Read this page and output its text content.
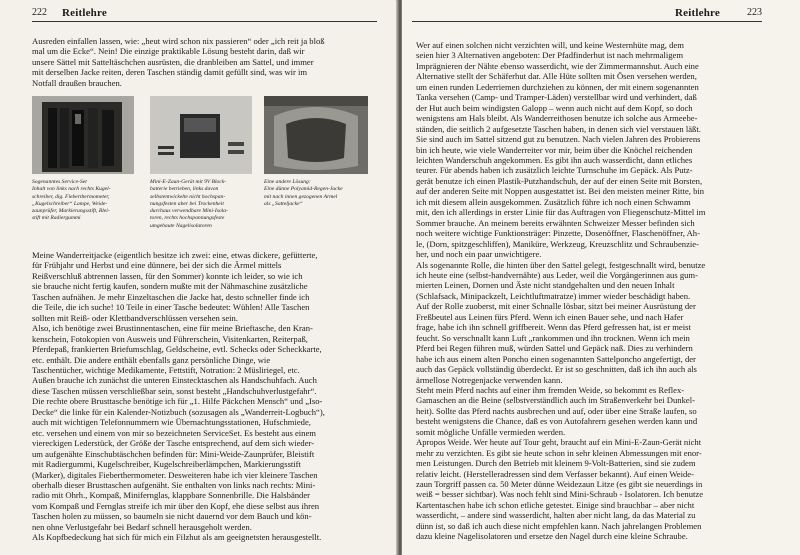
222 Reitlehre
Ausreden einfallen lassen, wie: „heut wird schon nix passieren“ oder „ich reit ja bloß
mal um die Ecke“. Nein! Die einzige praktikable Lösung besteht darin, daß wir
unsere Sättel mit Satteltäschchen ausrüsten, die dranbleiben am Sattel, und immer
mit derselben Jacke reiten, deren Taschen ständig damit gefüllt sind, was wir im
Notfall draußen brauchen.
Sogenanntes Service-Set
Inhalt von links nach rechts Kugel-
schreiber, dig. Fieberthermometer,
„Kugelschreiber“ Lampe, Weide-
zaunprüfer, Markierungsstift, Blei-
stift mit Radiergummi
Mini-E-Zaun-Gerät mit 9V Block-
batterie betrieben, links davon
selbstentwickelte nicht hochspan-
nungsfesten aber bei Trockenheit
durchaus verwendbare Mini-Isola-
toren, rechts hochspannungsfeste
umgebaute Nagelisolatoren
Eine andere Lösung:
Eine dünne Polyamid-Regen-Jacke
mit nach innen gezogenen Ärmel
als „Satteljacke“
Meine Wanderreitjacke (eigentlich besitze ich zwei: eine, etwas dickere, gefütterte,
für Frühjahr und Herbst und eine dünnere, bei der sich die Ärmel mittels
Reißverschluß abtrennen lassen, für den Sommer) konnte ich leider, so wie ich
sie brauche nicht fertig kaufen, sondern mußte mit der Nähmaschine zusätzliche
Taschen aufnähen. Je mehr Einzeltaschen die Jacke hat, desto schneller finde ich
die Teile, die ich suche! 10 Teile in einer Tasche bedeutet: Wühlen! Alle Taschen
sollten mit Reiß- oder Klettbandverschlüssen versehen sein.
Also, ich benötige zwei Brustinnentaschen, eine für meine Brieftasche, den Kran-
kenschein, Fotokopien von Ausweis und Führerschein, Visitenkarten, Reiterpaß,
Pferdepaß, frankierten Briefumschlag, Geldscheine, evtl. Schecks oder Scheckkarte,
etc. enthält. Die andere enthält ebenfalls ganz persönliche Dinge, wie
Taschentücher, wichtige Medikamente, Fettstift, Notration: 2 Müsliriegel, etc.
Außen brauche ich zunächst die unteren Einstecktaschen als Handschuhfach. Auch
diese Taschen müssen verschließbar sein, sonst besteht „Handschuhverlustgefahr“.
Die rechte obere Brusttasche benötige ich für „1. Hilfe Päckchen Mensch“ und „Iso-
Decke“ die linke für ein Kalender-Notizbuch (sozusagen als „Wanderreit-Logbuch“),
auch mit wichtigen Telefonnummern wie Übernachtungsstationen, Hufschmiede,
etc. versehen und einem von mir so bezeichneten ServiceSet. Es besteht aus einem
viereckigen Lederstück, der Größe der Tasche entsprechend, auf dem sich wieder-
um aufgenähte Einschubtäschchen befinden für: Mini-Weide-Zaunprüfer, Bleistift
mit Radiergummi, Kugelschreiber, Kugelschreiberlämpchen, Markierungsstift
(Marker), digitales Fieberthermometer. Desweiteren habe ich vier kleinere Taschen
oberhalb dieser Brusttaschen aufgenäht. Sie enthalten von links nach rechts: Mini-
radio mit Ohrh., Kompaß, Minifernglas, klappbare Sonnenbrille. Die Halsbänder
vom Kompaß und Fernglas streife ich mir über den Kopf, ehe diese selbst aus ihren
Taschen holen zu müssen, so baumeln sie nicht dauernd vor dem Bauch und kön-
nen ohne Verlustgefahr bei Bedarf schnell herausgeholt werden.
Als Kopfbedeckung hat sich für mich ein Filzhut als am geeignetsten herausgestellt.
Reitlehre	223
Wer auf einen solchen nicht verzichten will, und keine Westernhüte mag, dem
seien hier 3 Alternativen angeboten: Der Pfadfinderhut ist nach mehrmaligem
Imprägnieren der Nähte ebenso wasserdicht, wie der Zimmermannshut. Auch eine
Alternative stellt der Schäferhut dar. Alle Hüte sollten mit Ösen versehen werden,
um einen runden Lederriemen durchziehen zu können, der mit einem sogenannten
Tanka versehen (Camp- und Tramper-Läden) verstellbar wird und verhindert, daß
der Hut auch beim windigsten Galopp – wenn auch nicht auf dem Kopf, so doch
wenigstens am Hals bleibt. Als Wanderreithosen benutze ich solche aus Armeebe-
ständen, die seitlich 2 aufgesetzte Taschen haben, in denen sich viel verstauen läßt.
Sie sind auch im Sattel sitzend gut zu benutzen. Nach vielen Jahren des Probierens
bin ich heute, wie viele Wanderreiter vor mir, beim über die Knöchel reichenden
leichten Wanderschuh angekommen. Es gibt ihn auch wasserdicht, dann etliches
teurer. Für abends haben ich zusätzlich leichte Turnschuhe im Gepäck. Als Putz-
gerät benutze ich einen Plastik-Putzhandschuh, der auf der einen Seite mit Borsten,
auf der anderen Seite mit Noppen ausgestattet ist. Bei den meisten meiner Ritte, bin
ich mit diesem allein ausgekommen. Zusätzlich führe ich noch einen Schwamm
mit, den ich allerdings in erster Linie für das Auftragen von Fliegenschutz-Mittel im
Sommer brauche. An meinem bereits erwähnten Schweizer Messer befinden sich
noch weitere wichtige Funktionsträger: Pinzette, Dosenöffner, Flaschenöffner, Ah-
le, (Dorn, spitzgeschliffen), Maniküre, Werkzeug, Kreuzschlitz und Schraubenzie-
her, und noch ein paar unwichtigere.
Als sogenannte Rolle, die hinten über den Sattel gelegt, festgeschnallt wird, benutze
ich heute eine (selbst-handvernähte) aus Leder, weil die Vorgängerinnen aus gum-
mierten Leinen, Dornen und Äste nicht standgehalten und den neuen Inhalt
(Schlafsack, Minipackzelt, Leichtluftmatratze) immer wieder beschädigt haben.
Auf der Rolle zuoberst, mit einer Schnalle lösbar, sitzt bei meiner Ausrüstung der
Freßbeutel aus Leinen fürs Pferd. Wenn ich einen Bauer sehe, und nach Hafer
frage, habe ich ihn schnell griffbereit. Wenn das Pferd gefressen hat, ist er meist
feucht. So verschnallt kann Luft „rankommen und ihn trocknen. Wenn ich mein
Pferd bei Regen führen muß, würden Sattel und Gepäck naß. Dies zu verhindern
habe ich aus einem alten Poncho einen sogenannten Sattelponcho angefertigt, der
auch das Gepäck vollständig überdeckt. Er ist so geschnitten, daß ich ihn auch als
ärmellose Notregenjacke verwenden kann.
Steht mein Pferd nachts auf einer ihm fremden Weide, so bekommt es Reflex-
Gamaschen an die Beine (selbstverständlich auch im Straßenverkehr bei Dunkel-
heit). Sollte das Pferd nachts ausbrechen und auf, oder über eine Straße laufen, so
besteht wenigstens die Chance, daß es von Autofahrern gesehen werden kann und
somit mögliche Unfälle vermieden werden.
Apropos Weide. Wer heute auf Tour geht, braucht auf ein Mini-E-Zaun-Gerät nicht
mehr zu verzichten. Es gibt sie heute schon in sehr kleinen Abmessungen mit enor-
men Leistungen. Durch den Betrieb mit kleinem 9-Volt-Batterien, sind sie zudem
relativ leicht. (Herstelleradressen sind dem Verfasser bekannt). Auf einen Weide-
zaun Torgriff passen ca. 50 Meter dünne Weidezaun Litze (es gibt sie neuerdings in
weiß = besser sichtbar). Was noch fehlt sind Mini-Schraub - Isolatoren. Ich benutze
Kartentaschen habe ich schon etliche getestet. Einige sind brauchbar – aber nicht
wasserdicht, – andere sind wasserdicht, halten aber nicht lang, da das Material zu
dünn ist, so daß ich auch diese nicht empfehlen kann. Nach jahrelangen Problemen
dazu kleine Nagelisolatoren und ersetze den Nagel durch eine kleine Schraube.
